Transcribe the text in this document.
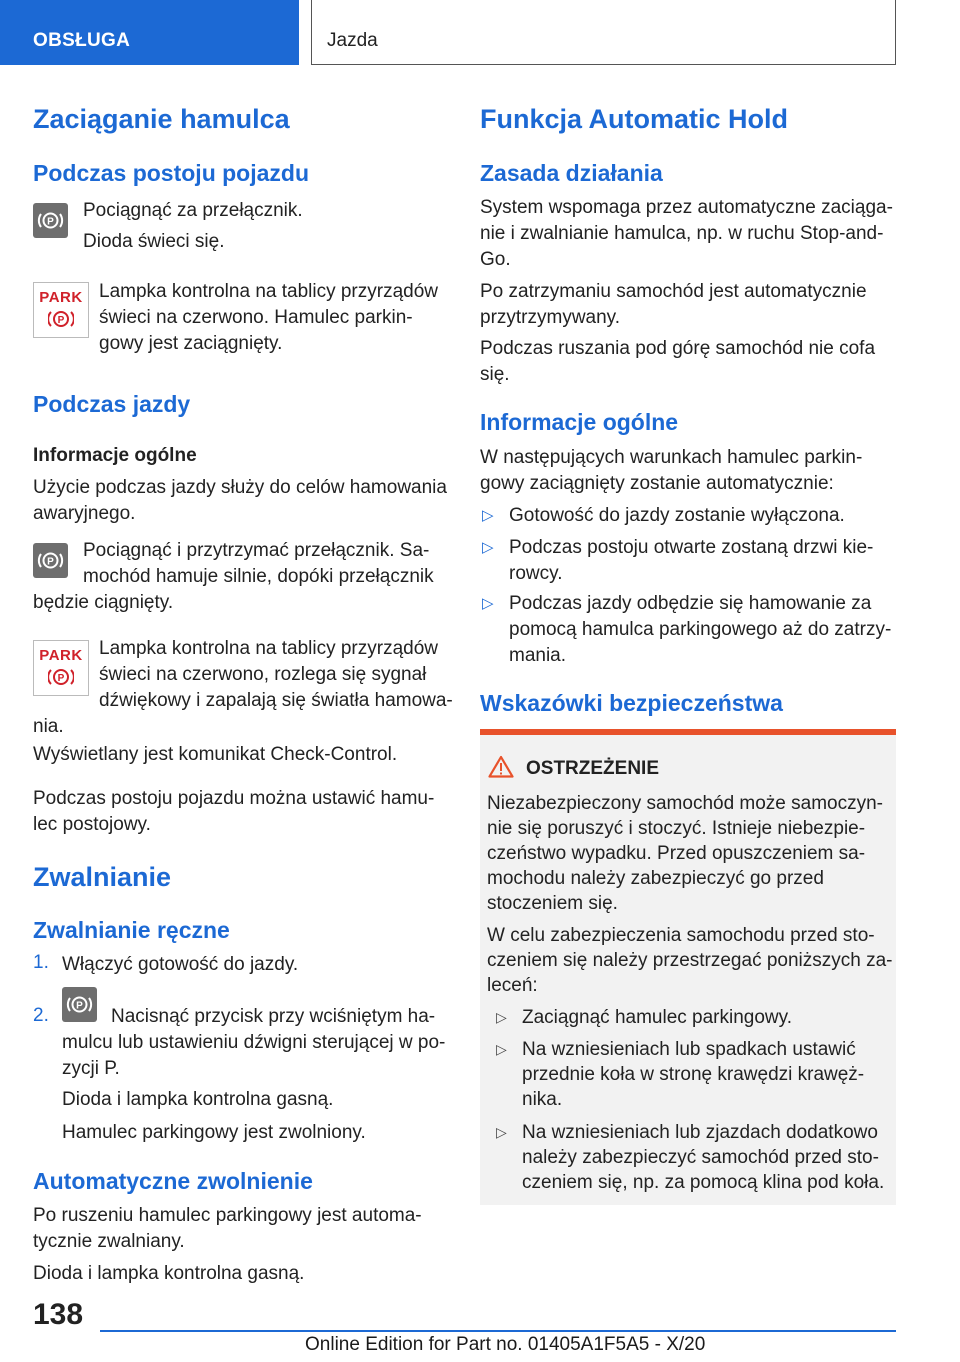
OBSŁUGA	Jazda
Zaciąganie hamulca
Podczas postoju pojazdu
P
Pociągnąć za przełącznik.
Dioda świeci się.
PARK
P
Lampka kontrolna na tablicy przyrządów
świeci na czerwono. Hamulec parkin-
gowy jest zaciągnięty.
Podczas jazdy
Informacje ogólne
Użycie podczas jazdy służy do celów hamowania
awaryjnego.
P
Pociągnąć i przytrzymać przełącznik. Sa-
mochód hamuje silnie, dopóki przełącznik
będzie ciągnięty.
PARK
P
Lampka kontrolna na tablicy przyrządów
świeci na czerwono, rozlega się sygnał
dźwiękowy i zapalają się światła hamowa-
nia.
Wyświetlany jest komunikat Check-Control.
Podczas postoju pojazdu można ustawić hamu-
lec postojowy.
Zwalnianie
Zwalnianie ręczne
1. Włączyć gotowość do jazdy.
2.	P Nacisnąć przycisk przy wciśniętym ha-
mulcu lub ustawieniu dźwigni sterującej w po-
zycji P.
Dioda i lampka kontrolna gasną.
Hamulec parkingowy jest zwolniony.
Automatyczne zwolnienie
Po ruszeniu hamulec parkingowy jest automa-
tycznie zwalniany.
Dioda i lampka kontrolna gasną.
Funkcja Automatic Hold
Zasada działania
System wspomaga przez automatyczne zaciąga-
nie i zwalnianie hamulca, np. w ruchu Stop-and-
Go.
Po zatrzymaniu samochód jest automatycznie
przytrzymywany.
Podczas ruszania pod górę samochód nie cofa
się.
Informacje ogólne
W następujących warunkach hamulec parkin-
gowy zaciągnięty zostanie automatycznie:
▷ Gotowość do jazdy zostanie wyłączona.
▷ Podczas postoju otwarte zostaną drzwi kie-
rowcy.
▷ Podczas jazdy odbędzie się hamowanie za
pomocą hamulca parkingowego aż do zatrzy-
mania.
Wskazówki bezpieczeństwa
OSTRZEŻENIE
Niezabezpieczony samochód może samoczyn-
nie się poruszyć i stoczyć. Istnieje niebezpie-
czeństwo wypadku. Przed opuszczeniem sa-
mochodu należy zabezpieczyć go przed
stoczeniem się.
W celu zabezpieczenia samochodu przed sto-
czeniem się należy przestrzegać poniższych za-
leceń:
▷ Zaciągnąć hamulec parkingowy.
▷ Na wzniesieniach lub spadkach ustawić
przednie koła w stronę krawędzi krawęż-
nika.
▷ Na wzniesieniach lub zjazdach dodatkowo
należy zabezpieczyć samochód przed sto-
czeniem się, np. za pomocą klina pod koła.
138
Online Edition for Part no. 01405A1F5A5 - X/20
